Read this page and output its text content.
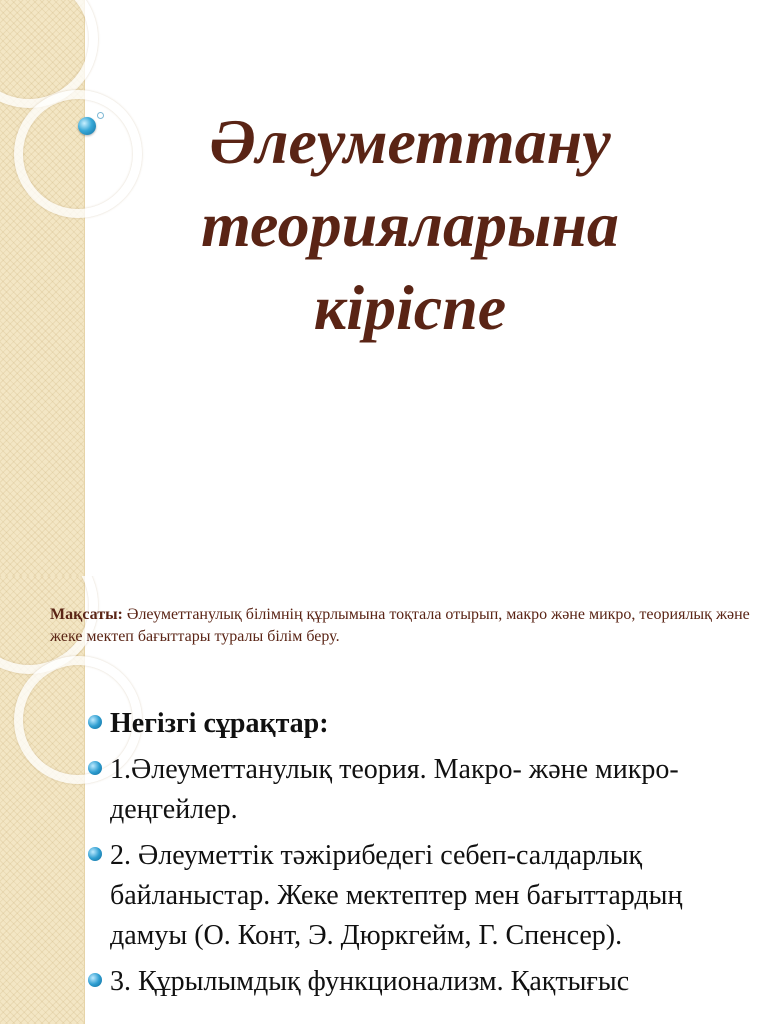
Әлеуметтану
теорияларына
кіріспе

Мақсаты: Әлеуметтанулық білімнің құрлымына тоқтала отырып, макро және микро, теориялық және жеке мектеп бағыттары туралы білім беру.

Негізгі сұрақтар:
1.Әлеуметтанулық теория. Макро- және микро-деңгейлер.
2. Әлеуметтік тәжірибедегі себеп-салдарлық байланыстар. Жеке мектептер мен бағыттардың дамуы (О. Конт, Э. Дюркгейм, Г. Спенсер).
3. Құрылымдық функционализм. Қақтығыс
